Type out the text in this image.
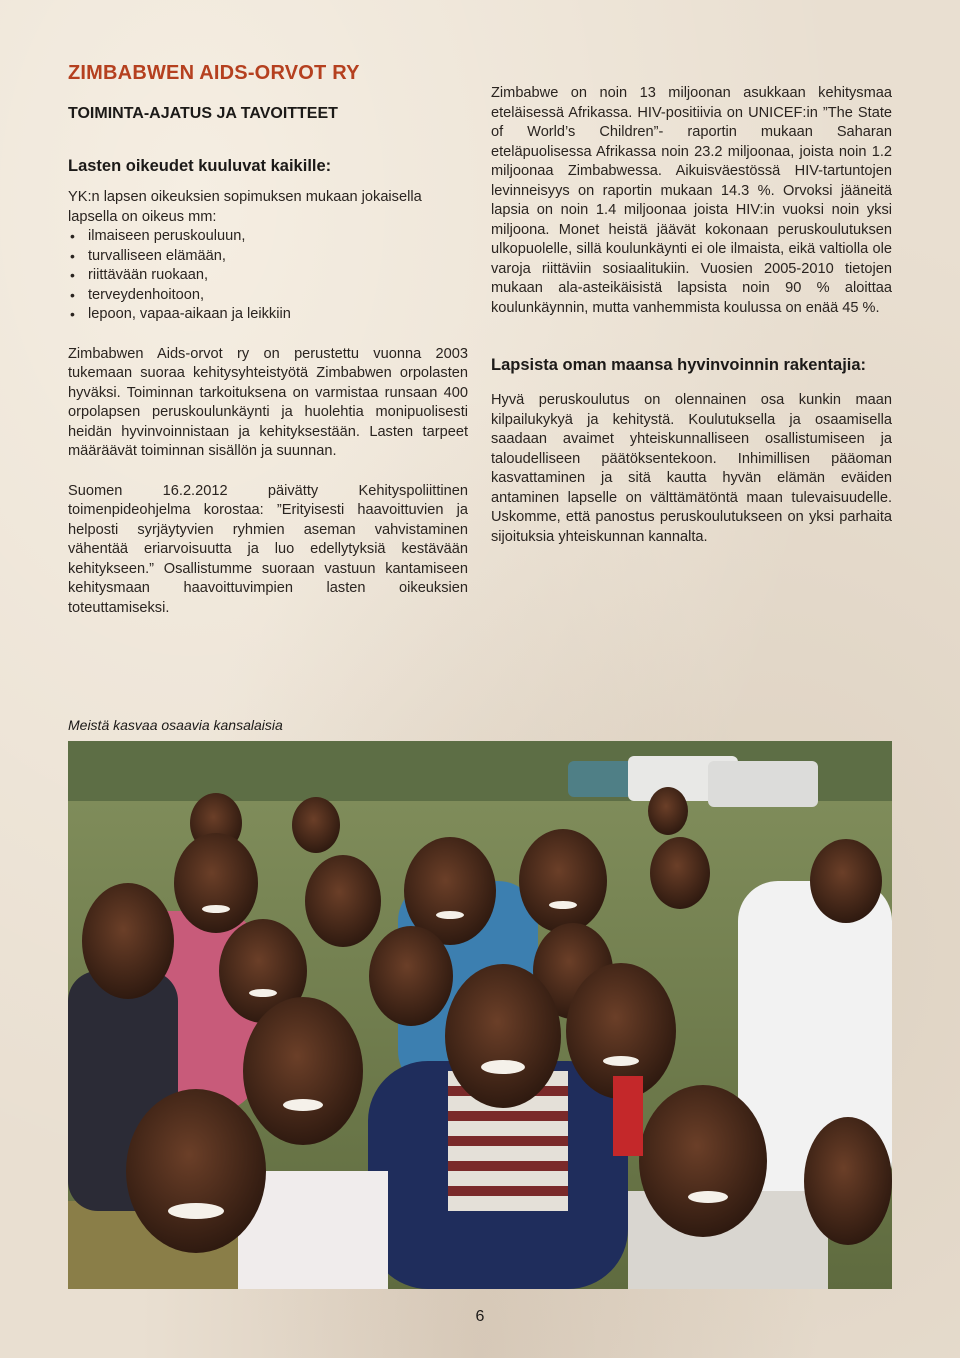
ZIMBABWEN AIDS-ORVOT RY
TOIMINTA-AJATUS JA TAVOITTEET
Lasten oikeudet kuuluvat kaikille:

YK:n lapsen oikeuksien sopimuksen mukaan jokaisella lapsella on oikeus mm:

• ilmaiseen peruskouluun,
• turvalliseen elämään,
• riittävään ruokaan,
• terveydenhoitoon,
• lepoon, vapaa-aikaan ja leikkiin

Zimbabwen Aids-orvot ry on perustettu vuonna 2003 tukemaan suoraa kehitysyhteistyötä Zimbabwen orpolasten hyväksi. Toiminnan tarkoituksena on varmistaa runsaan 400 orpolapsen peruskoulunkäynti ja huolehtia monipuolisesti heidän hyvinvoinnistaan ja kehityksestään. Lasten tarpeet määräävät toiminnan sisällön ja suunnan.

Suomen 16.2.2012 päivätty Kehityspoliittinen toimenpideohjelma korostaa: ”Erityisesti haavoittuvien ja helposti syrjäytyvien ryhmien aseman vahvistaminen vähentää eriarvoisuutta ja luo edellytyksiä kestävään kehitykseen.” Osallistumme suoraan vastuun kantamiseen kehitysmaan haavoittuvimpien lasten oikeuksien toteuttamiseksi.

Zimbabwe on noin 13 miljoonan asukkaan kehitysmaa eteläisessä Afrikassa. HIV-positiivia on UNICEF:in ”The State of World’s Children”- raportin mukaan Saharan eteläpuolisessa Afrikassa noin 23.2 miljoonaa, joista noin 1.2 miljoonaa Zimbabwessa. Aikuisväestössä HIV-tartuntojen levinneisyys on raportin mukaan 14.3 %. Orvoksi jääneitä lapsia on noin 1.4 miljoonaa joista HIV:in vuoksi noin yksi miljoona. Monet heistä jäävät kokonaan peruskoulutuksen ulkopuolelle, sillä koulunkäynti ei ole ilmaista, eikä valtiolla ole varoja riittäviin sosiaalitukiin. Vuosien 2005-2010 tietojen mukaan ala-asteikäisistä lapsista noin 90 % aloittaa koulunkäynnin, mutta vanhemmista koulussa on enää 45 %.

Lapsista oman maansa hyvinvoinnin rakentajia:

Hyvä peruskoulutus on olennainen osa kunkin maan kilpailukykyä ja kehitystä. Koulutuksella ja osaamisella saadaan avaimet yhteiskunnalliseen osallistumiseen ja taloudelliseen päätöksentekoon. Inhimillisen pääoman kasvattaminen ja sitä kautta hyvän elämän eväiden antaminen lapselle on välttämätöntä maan tulevaisuudelle. Uskomme, että panostus peruskoulutukseen on yksi parhaita sijoituksia yhteiskunnan kannalta.

Meistä kasvaa osaavia kansalaisia
6
